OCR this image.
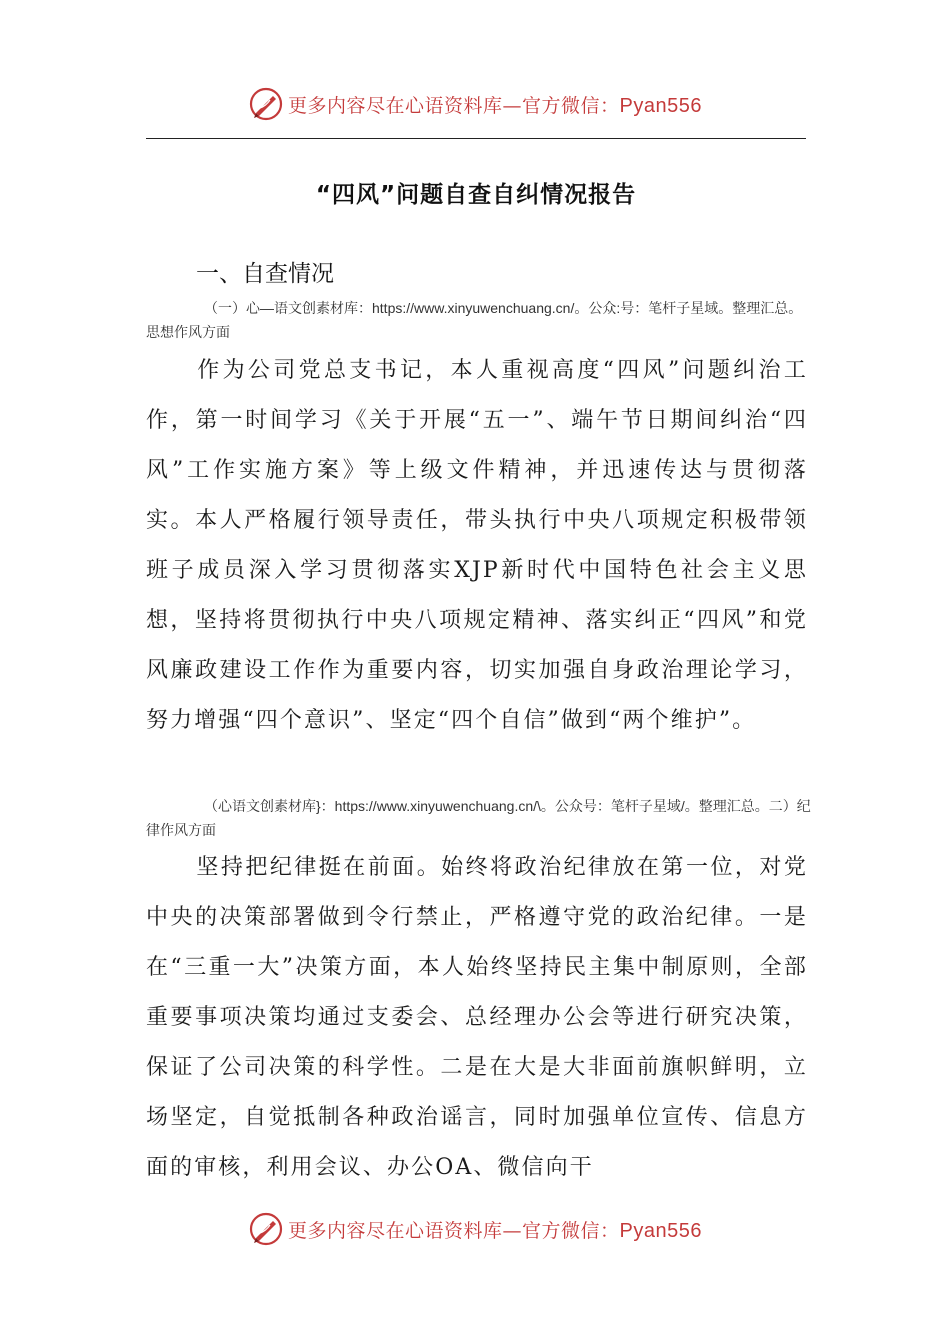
更多内容尽在心语资料库—官方微信：Pyan556
“四风”问题自查自纠情况报告
一、自查情况
（一）心—语文创素材库：https://www.xinyuwenchuang.cn/。公众:号：笔杆子星域。整理汇总。思想作风方面
作为公司党总支书记，本人重视高度“四风”问题纠治工作，第一时间学习《关于开展“五一”、端午节日期间纠治“四风”工作实施方案》等上级文件精神，并迅速传达与贯彻落实。本人严格履行领导责任，带头执行中央八项规定积极带领班子成员深入学习贯彻落实XJP新时代中国特色社会主义思想，坚持将贯彻执行中央八项规定精神、落实纠正“四风”和党风廉政建设工作作为重要内容，切实加强自身政治理论学习，努力增强“四个意识”、坚定“四个自信”做到“两个维护”。
（心语文创素材库}：https://www.xinyuwenchuang.cn/\。公众号：笔杆子星域/。整理汇总。二）纪律作风方面
坚持把纪律挺在前面。始终将政治纪律放在第一位，对党中央的决策部署做到令行禁止，严格遵守党的政治纪律。一是在“三重一大”决策方面，本人始终坚持民主集中制原则，全部重要事项决策均通过支委会、总经理办公会等进行研究决策，保证了公司决策的科学性。二是在大是大非面前旗帜鲜明，立场坚定，自觉抵制各种政治谣言，同时加强单位宣传、信息方面的审核，利用会议、办公OA、微信向干
更多内容尽在心语资料库—官方微信：Pyan556
